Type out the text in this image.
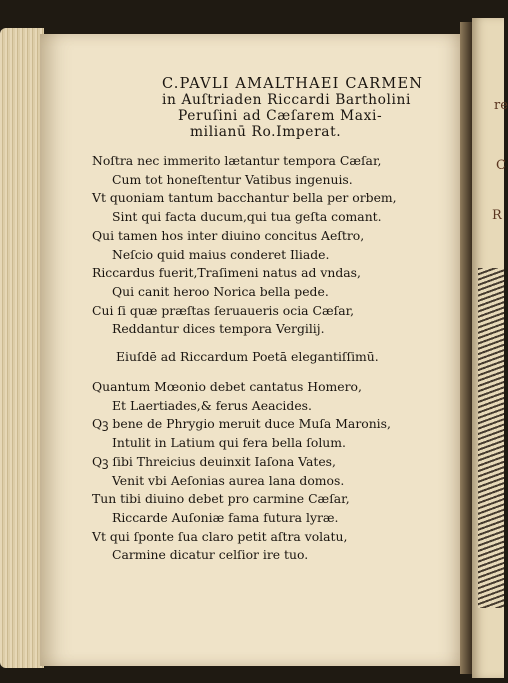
re
R
C
C.PAVLI AMALTHAEI CARMEN
in Auſtriaden Riccardi Bartholini
Peruſini ad Cæſarem Maxi-
milianū Ro.Imperat.
Noſtra nec immerito lætantur tempora Cæſar,
Cum tot honeſtentur Vatibus ingenuis.
Vt quoniam tantum bacchantur bella per orbem,
Sint qui facta ducum,qui tua geſta comant.
Qui tamen hos inter diuino concitus Aeſtro,
Neſcio quid maius conderet Iliade.
Riccardus fuerit,Traſimeni natus ad vndas,
Qui canit heroo Norica bella pede.
Cui ſi quæ præſtas ſeruaueris ocia Cæſar,
Reddantur dices tempora Vergilij.
Eiuſdē ad Riccardum Poetā elegantiſſimū.
Quantum Mœonio debet cantatus Homero,
Et Laertiades,& ferus Aeacides.
Qꝫ bene de Phrygio meruit duce Muſa Maronis,
Intulit in Latium qui fera bella ſolum.
Qꝫ ſibi Threicius deuinxit Iaſona Vates,
Venit vbi Aeſonias aurea lana domos.
Tun tibi diuino debet pro carmine Cæſar,
Riccarde Auſoniæ fama futura lyræ.
Vt qui ſponte ſua claro petit aſtra volatu,
Carmine dicatur celſior ire tuo.
